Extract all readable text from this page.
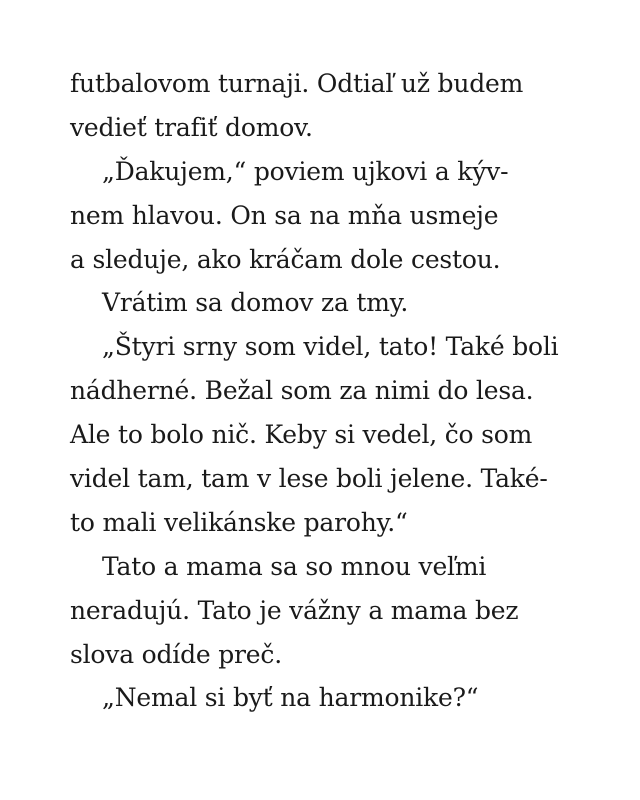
futbalovom turnaji. Odtiaľ už budem
vedieť trafiť domov.
„Ďakujem,“ poviem ujkovi a kýv-
nem hlavou. On sa na mňa usmeje
a sleduje, ako kráčam dole cestou.
Vrátim sa domov za tmy.
„Štyri srny som videl, tato! Také boli
nádherné. Bežal som za nimi do lesa.
Ale to bolo nič. Keby si vedel, čo som
videl tam, tam v lese boli jelene. Také-
to mali velikánske parohy.“
Tato a mama sa so mnou veľmi
neradujú. Tato je vážny a mama bez
slova odíde preč.
„Nemal si byť na harmonike?“
